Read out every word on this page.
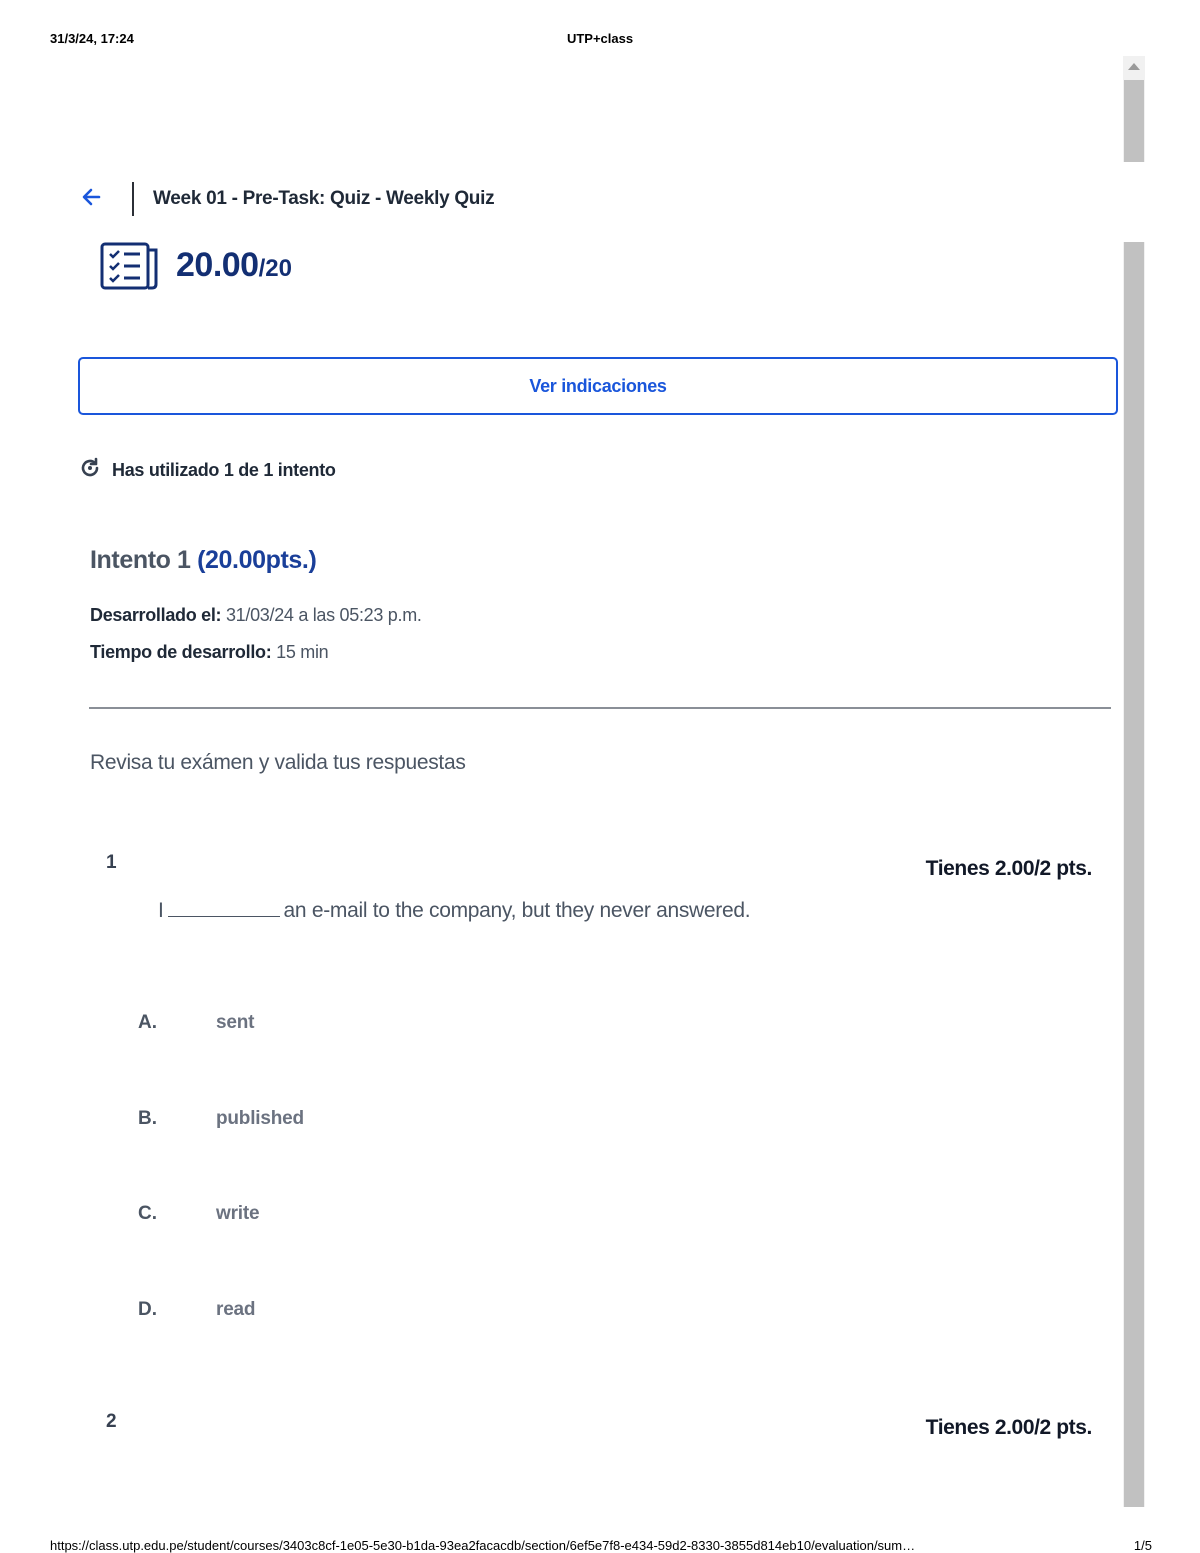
31/3/24, 17:24	UTP+class
Week 01 - Pre-Task: Quiz - Weekly Quiz
20.00/20
Ver indicaciones
Has utilizado 1 de 1 intento
Intento 1 (20.00pts.)
Desarrollado el: 31/03/24 a las 05:23 p.m.
Tiempo de desarrollo: 15 min
Revisa tu exámen y valida tus respuestas
1	Tienes 2.00/2 pts.
I	an e-mail to the company, but they never answered.
A.	sent
B.	published
C.	write
D.	read
2	Tienes 2.00/2 pts.
https://class.utp.edu.pe/student/courses/3403c8cf-1e05-5e30-b1da-93ea2facacdb/section/6ef5e7f8-e434-59d2-8330-3855d814eb10/evaluation/sum…	1/5
